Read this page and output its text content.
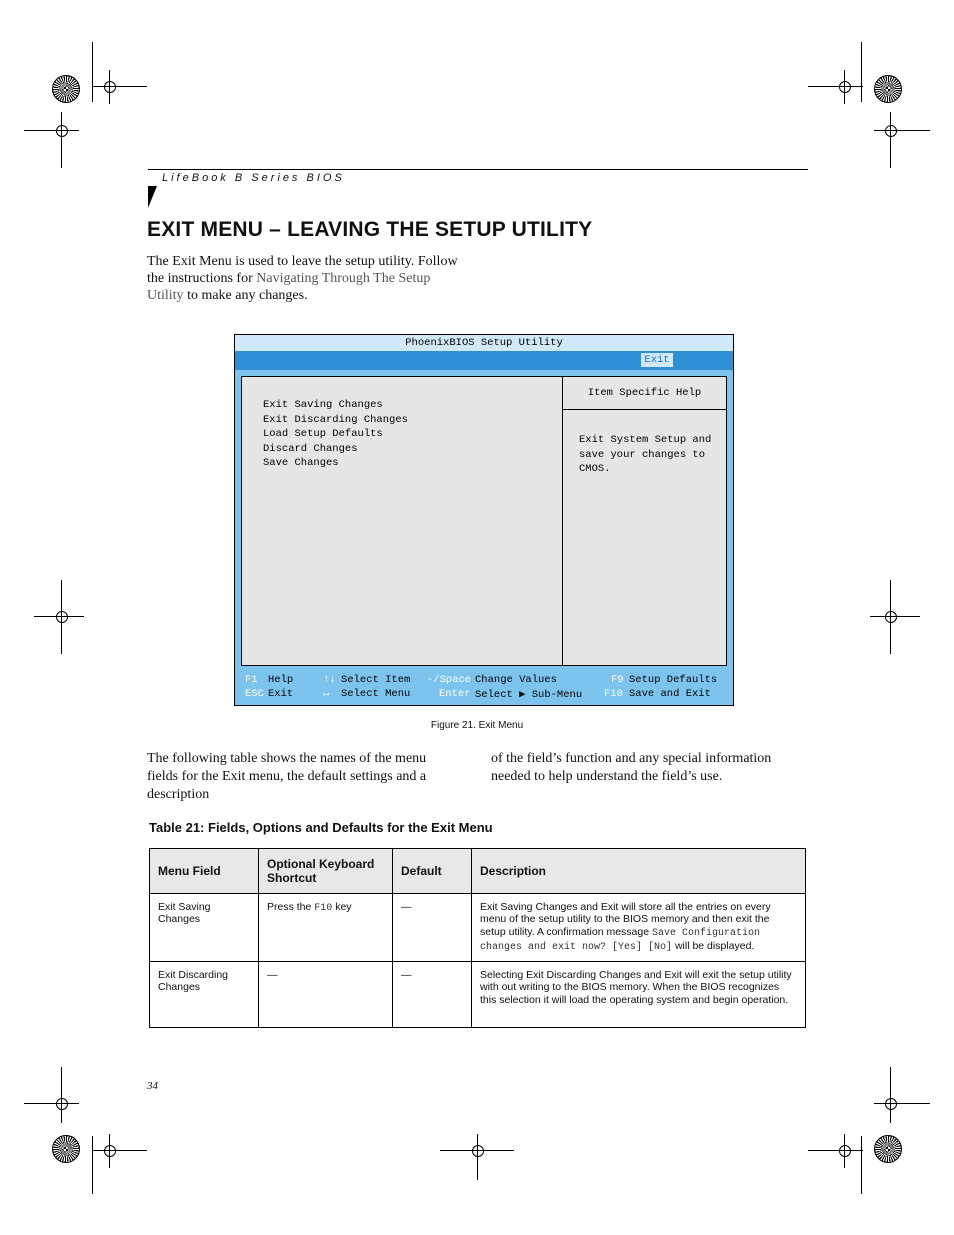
LifeBook B Series BIOS
EXIT MENU – LEAVING THE SETUP UTILITY
The Exit Menu is used to leave the setup utility. Follow the instructions for Navigating Through The Setup Utility to make any changes.
PhoenixBIOS Setup Utility
Exit
Exit Saving Changes
Exit Discarding Changes
Load Setup Defaults
Discard Changes
Save Changes
Item Specific Help
Exit System Setup and
save your changes to
CMOS.
F1 Help
ESC Exit
↑↓ Select Item
↔ Select Menu
-/Space Change Values
Enter Select ▶ Sub-Menu
F9 Setup Defaults
F10 Save and Exit
Figure 21. Exit Menu
The following table shows the names of the menu fields for the Exit menu, the default settings and a description
of the field’s function and any special information needed to help understand the field’s use.
Table 21: Fields, Options and Defaults for the Exit Menu
Menu Field	Optional Keyboard Shortcut	Default	Description
Exit Saving Changes	Press the F10 key	—	Exit Saving Changes and Exit will store all the entries on every menu of the setup utility to the BIOS memory and then exit the setup utility. A confirmation message Save Configuration changes and exit now? [Yes] [No] will be displayed.
Exit Discarding Changes	—	—	Selecting Exit Discarding Changes and Exit will exit the setup utility with out writing to the BIOS memory. When the BIOS recognizes this selection it will load the operating system and begin operation.
34
